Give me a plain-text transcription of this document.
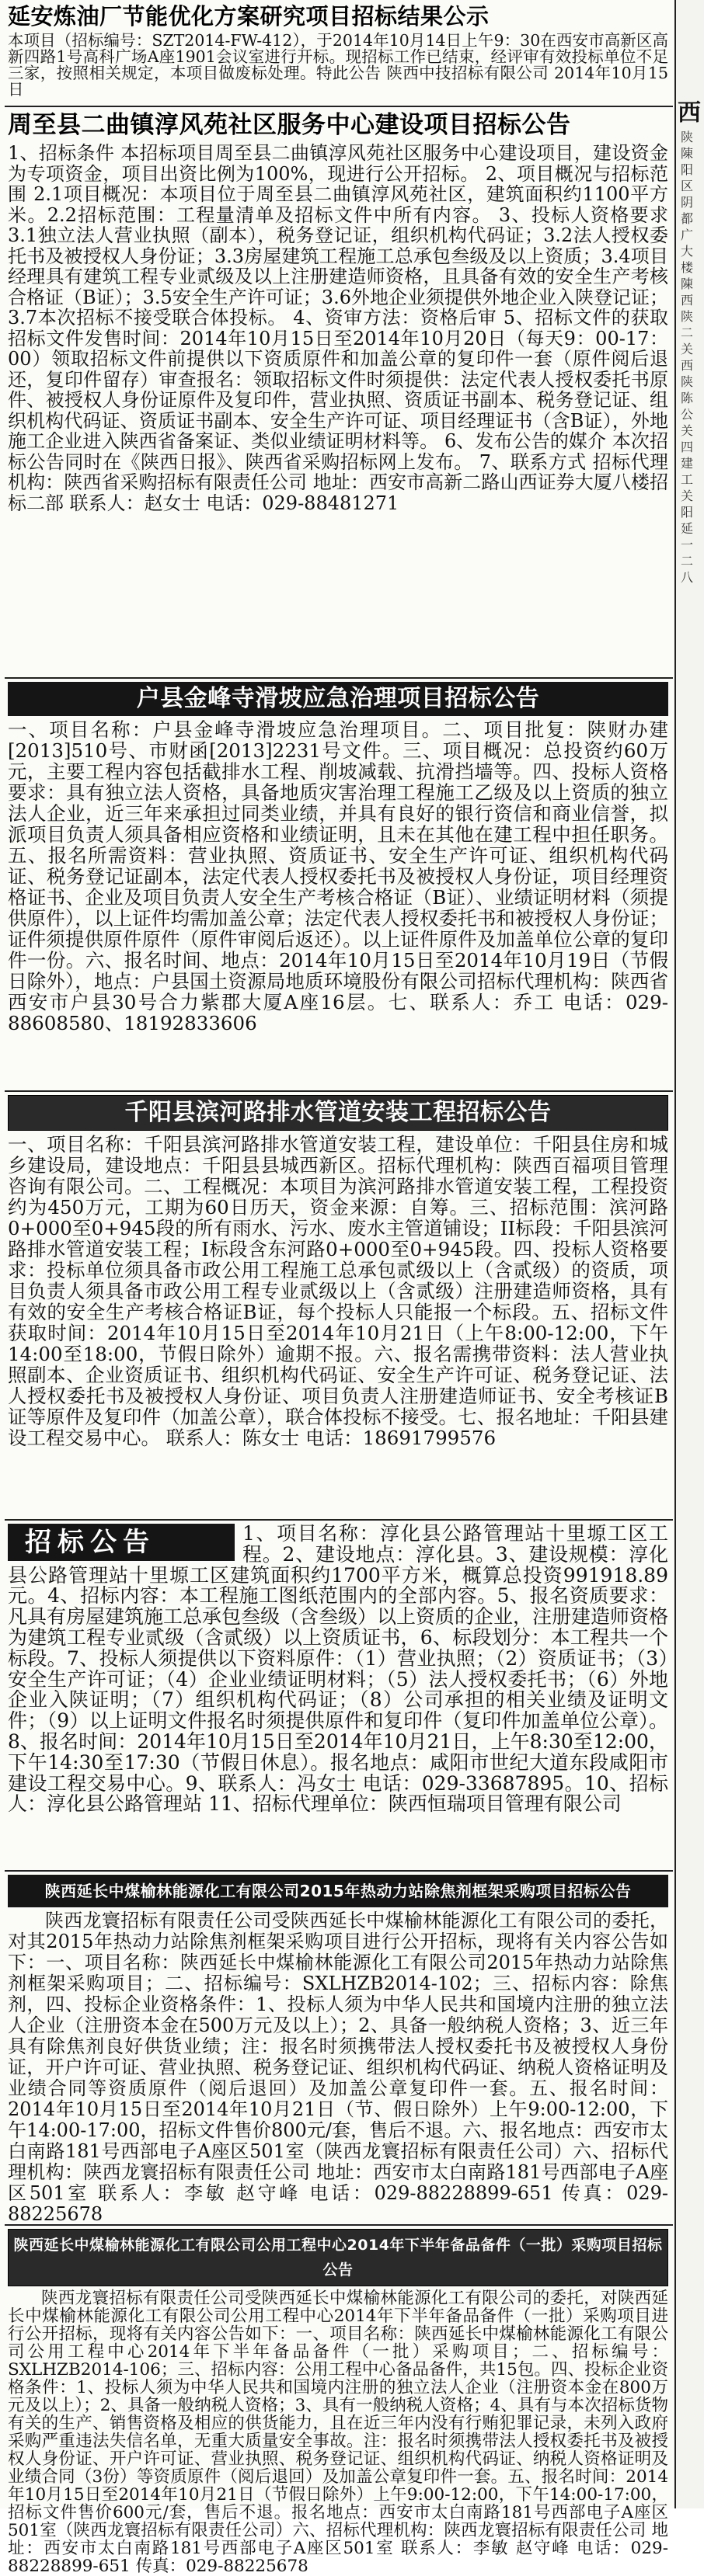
延安炼油厂节能优化方案研究项目招标结果公示

本项目（招标编号：SZT2014-FW-412），于2014年10月14日上午9：30在西安市高新区高新四路1号高科广场A座1901会议室进行开标。现招标工作已结束，经评审有效投标单位不足三家，按照相关规定，本项目做废标处理。特此公告 陕西中技招标有限公司 2014年10月15日

周至县二曲镇淳风苑社区服务中心建设项目招标公告

1、招标条件 本招标项目周至县二曲镇淳风苑社区服务中心建设项目，建设资金为专项资金，项目出资比例为100%，现进行公开招标。 2、项目概况与招标范围 2.1项目概况：本项目位于周至县二曲镇淳风苑社区，建筑面积约1100平方米。2.2招标范围：工程量清单及招标文件中所有内容。 3、投标人资格要求 3.1独立法人营业执照（副本），税务登记证，组织机构代码证；3.2法人授权委托书及被授权人身份证；3.3房屋建筑工程施工总承包叁级及以上资质；3.4项目经理具有建筑工程专业贰级及以上注册建造师资格，且具备有效的安全生产考核合格证（B证）；3.5安全生产许可证；3.6外地企业须提供外地企业入陕登记证；3.7本次招标不接受联合体投标。 4、资审方法：资格后审 5、招标文件的获取 招标文件发售时间：2014年10月15日至2014年10月20日（每天9：00-17：00）领取招标文件前提供以下资质原件和加盖公章的复印件一套（原件阅后退还，复印件留存）审查报名：领取招标文件时须提供：法定代表人授权委托书原件、被授权人身份证原件及复印件，营业执照、资质证书副本、税务登记证、组织机构代码证、资质证书副本、安全生产许可证、项目经理证书（含B证），外地施工企业进入陕西省备案证、类似业绩证明材料等。 6、发布公告的媒介 本次招标公告同时在《陕西日报》、陕西省采购招标网上发布。 7、联系方式 招标代理机构：陕西省采购招标有限责任公司 地址：西安市高新二路山西证券大厦八楼招标二部 联系人：赵女士 电话：029-88481271

户县金峰寺滑坡应急治理项目招标公告

一、项目名称：户县金峰寺滑坡应急治理项目。二、项目批复：陕财办建[2013]510号、市财函[2013]2231号文件。三、项目概况：总投资约60万元，主要工程内容包括截排水工程、削坡减载、抗滑挡墙等。四、投标人资格要求：具有独立法人资格，具备地质灾害治理工程施工乙级及以上资质的独立法人企业，近三年来承担过同类业绩，并具有良好的银行资信和商业信誉，拟派项目负责人须具备相应资格和业绩证明，且未在其他在建工程中担任职务。五、报名所需资料：营业执照、资质证书、安全生产许可证、组织机构代码证、税务登记证副本，法定代表人授权委托书及被授权人身份证，项目经理资格证书、企业及项目负责人安全生产考核合格证（B证）、业绩证明材料（须提供原件），以上证件均需加盖公章；法定代表人授权委托书和被授权人身份证；证件须提供原件原件（原件审阅后返还）。以上证件原件及加盖单位公章的复印件一份。六、报名时间、地点：2014年10月15日至2014年10月19日（节假日除外），地点：户县国土资源局地质环境股份有限公司招标代理机构：陕西省西安市户县30号合力紫郡大厦A座16层。七、联系人：乔工 电话：029-88608580、18192833606

千阳县滨河路排水管道安装工程招标公告

一、项目名称：千阳县滨河路排水管道安装工程，建设单位：千阳县住房和城乡建设局，建设地点：千阳县县城西新区。招标代理机构：陕西百福项目管理咨询有限公司。二、工程概况：本项目为滨河路排水管道安装工程，工程投资约为450万元，工期为60日历天，资金来源：自筹。三、招标范围：滨河路0+000至0+945段的所有雨水、污水、废水主管道铺设；II标段：千阳县滨河路排水管道安装工程；I标段含东河路0+000至0+945段。四、投标人资格要求：投标单位须具备市政公用工程施工总承包贰级以上（含贰级）的资质，项目负责人须具备市政公用工程专业贰级以上（含贰级）注册建造师资格，具有有效的安全生产考核合格证B证，每个投标人只能报一个标段。五、招标文件获取时间：2014年10月15日至2014年10月21日（上午8:00-12:00，下午14:00至18:00，节假日除外）逾期不报。六、报名需携带资料：法人营业执照副本、企业资质证书、组织机构代码证、安全生产许可证、税务登记证、法人授权委托书及被授权人身份证、项目负责人注册建造师证书、安全考核证B证等原件及复印件（加盖公章），联合体投标不接受。七、报名地址：千阳县建设工程交易中心。 联系人：陈女士 电话：18691799576

招标公告	1、项目名称：淳化县公路管理站十里塬工区工程。2、建设地点：淳化县。3、建设规模：淳化县公路管理站十里塬工区建筑面积约1700平方米，概算总投资991918.89元。4、招标内容：本工程施工图纸范围内的全部内容。5、报名资质要求：凡具有房屋建筑施工总承包叁级（含叁级）以上资质的企业，注册建造师资格为建筑工程专业贰级（含贰级）以上资质证书，6、标段划分：本工程共一个标段。7、投标人须提供以下资料原件：（1）营业执照；（2）资质证书；（3）安全生产许可证；（4）企业业绩证明材料；（5）法人授权委托书；（6）外地企业入陕证明；（7）组织机构代码证；（8）公司承担的相关业绩及证明文件；（9）以上证明文件报名时须提供原件和复印件（复印件加盖单位公章）。8、报名时间：2014年10月15日至2014年10月21日，上午8:30至12:00，下午14:30至17:30（节假日休息）。报名地点：咸阳市世纪大道东段咸阳市建设工程交易中心。9、联系人：冯女士 电话：029-33687895。10、招标人：淳化县公路管理站 11、招标代理单位：陕西恒瑞项目管理有限公司

陕西延长中煤榆林能源化工有限公司2015年热动力站除焦剂框架采购项目招标公告

陕西龙寰招标有限责任公司受陕西延长中煤榆林能源化工有限公司的委托，对其2015年热动力站除焦剂框架采购项目进行公开招标，现将有关内容公告如下：一、项目名称：陕西延长中煤榆林能源化工有限公司2015年热动力站除焦剂框架采购项目；二、招标编号：SXLHZB2014-102；三、招标内容：除焦剂，四、投标企业资格条件：1、投标人须为中华人民共和国境内注册的独立法人企业（注册资本金在500万元及以上）；2、具备一般纳税人资格；3、近三年具有除焦剂良好供货业绩；注：报名时须携带法人授权委托书及被授权人身份证，开户许可证、营业执照、税务登记证、组织机构代码证、纳税人资格证明及业绩合同等资质原件（阅后退回）及加盖公章复印件一套。五、报名时间：2014年10月15日至2014年10月21日（节、假日除外）上午9:00-12:00，下午14:00-17:00，招标文件售价800元/套，售后不退。六、报名地点：西安市太白南路181号西部电子A座区501室（陕西龙寰招标有限责任公司）六、招标代理机构：陕西龙寰招标有限责任公司 地址：西安市太白南路181号西部电子A座区501室 联系人：李敏 赵守峰 电话：029-88228899-651 传真：029-88225678

陕西延长中煤榆林能源化工有限公司公用工程中心2014年下半年备品备件（一批）采购项目招标公告

陕西龙寰招标有限责任公司受陕西延长中煤榆林能源化工有限公司的委托，对陕西延长中煤榆林能源化工有限公司公用工程中心2014年下半年备品备件（一批）采购项目进行公开招标，现将有关内容公告如下：一、项目名称：陕西延长中煤榆林能源化工有限公司公用工程中心2014年下半年备品备件（一批）采购项目；二、招标编号：SXLHZB2014-106；三、招标内容：公用工程中心备品备件，共15包。四、投标企业资格条件：1、投标人须为中华人民共和国境内注册的独立法人企业（注册资本金在800万元及以上）；2、具备一般纳税人资格；3、具有一般纳税人资格；4、具有与本次招标货物有关的生产、销售资格及相应的供货能力，且在近三年内没有行贿犯罪记录，未列入政府采购严重违法失信名单，无重大质量安全事故。注：报名时须携带法人授权委托书及被授权人身份证、开户许可证、营业执照、税务登记证、组织机构代码证、纳税人资格证明及业绩合同（3份）等资质原件（阅后退回）及加盖公章复印件一套。五、报名时间：2014年10月15日至2014年10月21日（节假日除外）上午9:00-12:00，下午14:00-17:00，招标文件售价600元/套，售后不退。报名地点：西安市太白南路181号西部电子A座区501室（陕西龙寰招标有限责任公司）六、招标代理机构：陕西龙寰招标有限责任公司 地址：西安市太白南路181号西部电子A座区501室 联系人：李敏 赵守峰 电话：029-88228899-651 传真：029-88225678

西
陕
陳
阳
区
阴
都
广
大
楼
陳
西
陕
二
关
西
陕
陈
公
关
四
建
工
关
阳
延
一
二
八
